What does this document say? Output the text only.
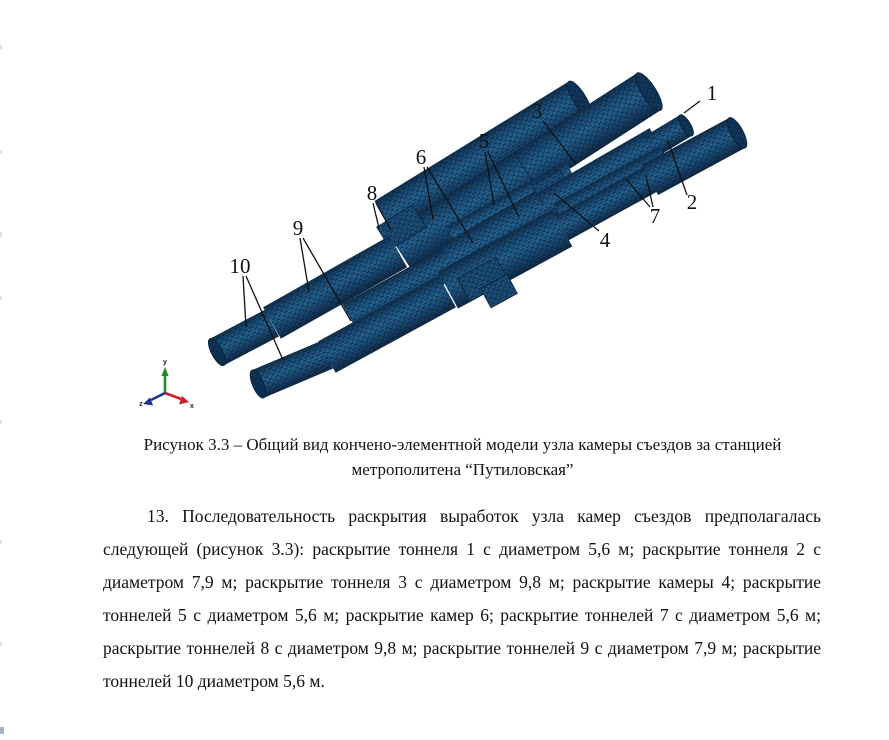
1
2
3
4
5
6
7
8
9
10
y
x
z
Рисунок 3.3 – Общий вид кончено-элементной модели узла камеры съездов за станцией
метрополитена “Путиловская”

13. Последовательность раскрытия выработок узла камер съездов предполагалась следующей (рисунок 3.3): раскрытие тоннеля 1 с диаметром 5,6 м; раскрытие тоннеля 2 с диаметром 7,9 м; раскрытие тоннеля 3 с диаметром 9,8 м; раскрытие камеры 4; раскрытие тоннелей 5 с диаметром 5,6 м; раскрытие камер 6; раскрытие тоннелей 7 с диаметром 5,6 м; раскрытие тоннелей 8 с диаметром 9,8 м; раскрытие тоннелей 9 с диаметром 7,9 м; раскрытие тоннелей 10 диаметром 5,6 м.
